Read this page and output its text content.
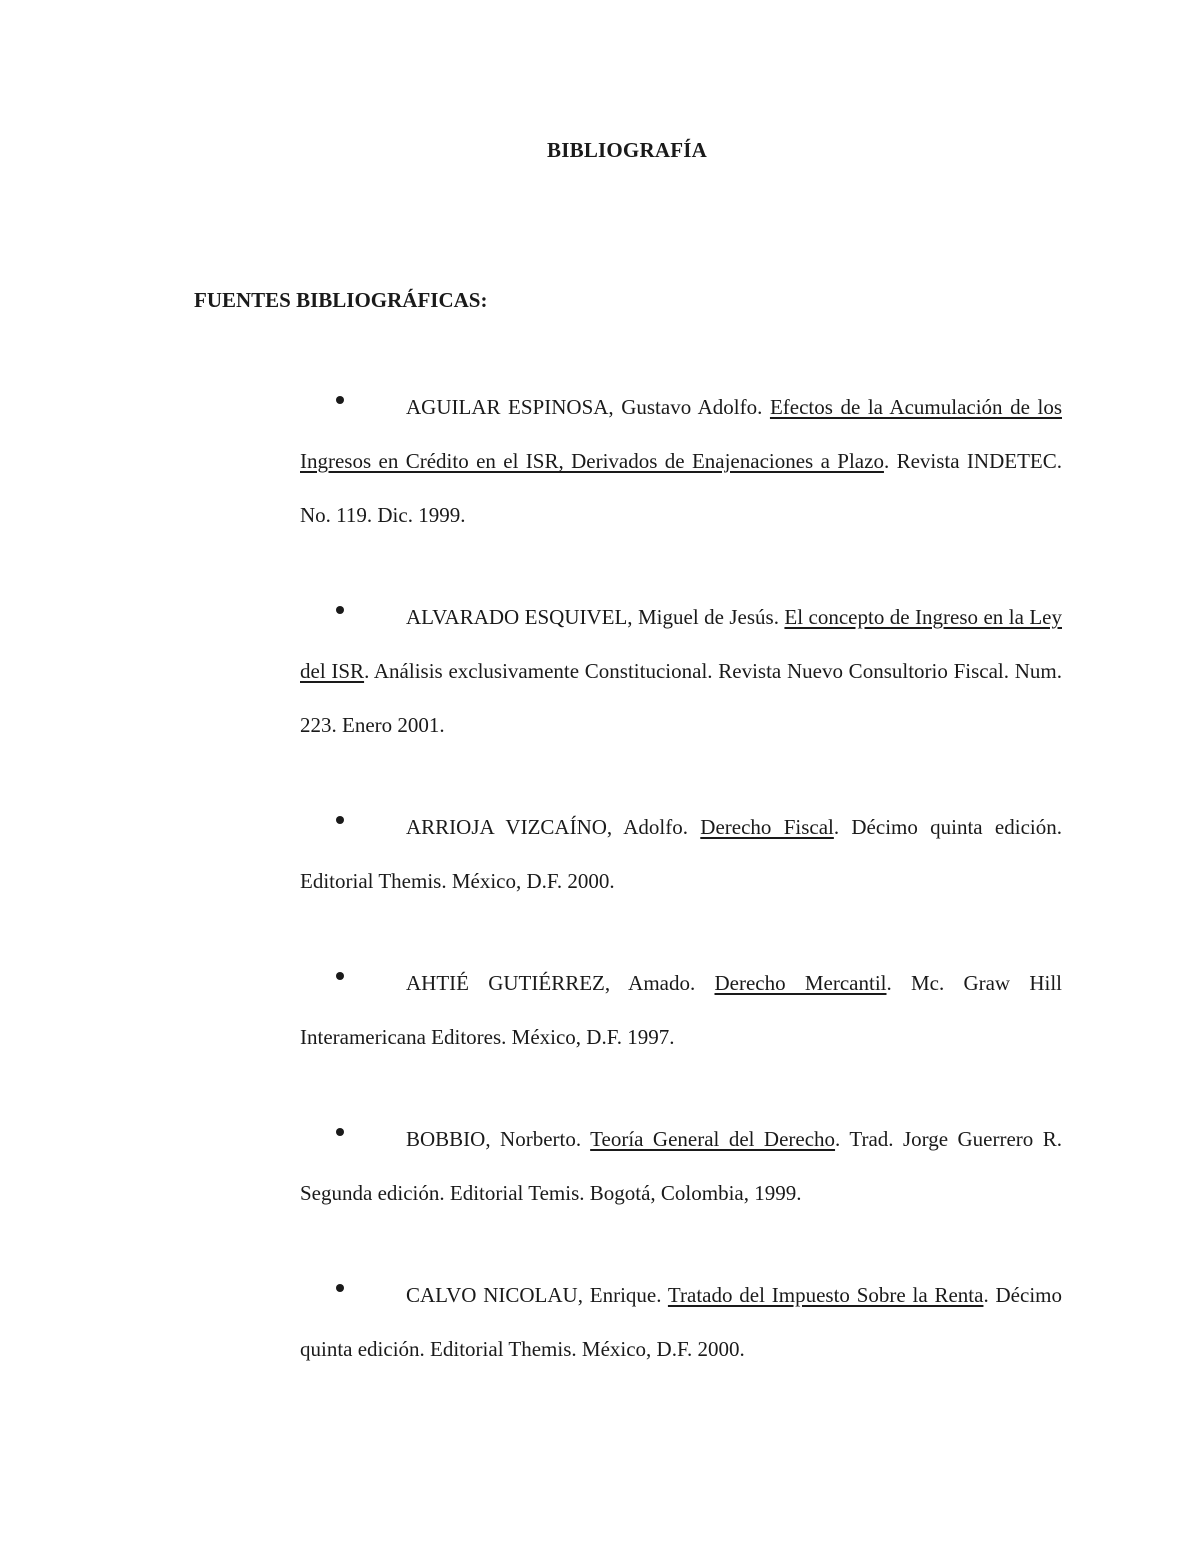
BIBLIOGRAFÍA
FUENTES BIBLIOGRÁFICAS:
AGUILAR ESPINOSA, Gustavo Adolfo. Efectos de la Acumulación de los Ingresos en Crédito en el ISR, Derivados de Enajenaciones a Plazo. Revista INDETEC. No. 119. Dic. 1999.
ALVARADO ESQUIVEL, Miguel de Jesús. El concepto de Ingreso en la Ley del ISR. Análisis exclusivamente Constitucional. Revista Nuevo Consultorio Fiscal. Num. 223. Enero 2001.
ARRIOJA VIZCAÍNO, Adolfo. Derecho Fiscal. Décimo quinta edición. Editorial Themis. México, D.F. 2000.
AHTIÉ GUTIÉRREZ, Amado. Derecho Mercantil. Mc. Graw Hill Interamericana Editores. México, D.F. 1997.
BOBBIO, Norberto. Teoría General del Derecho. Trad. Jorge Guerrero R. Segunda edición. Editorial Temis. Bogotá, Colombia, 1999.
CALVO NICOLAU, Enrique. Tratado del Impuesto Sobre la Renta. Décimo quinta edición. Editorial Themis. México, D.F. 2000.
